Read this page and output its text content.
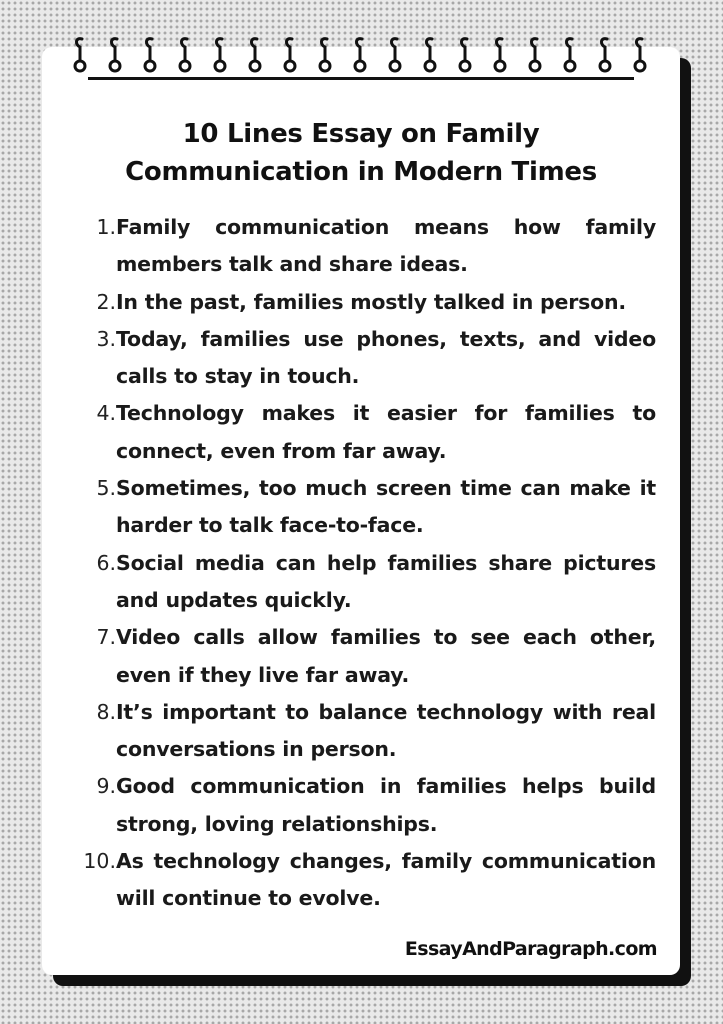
10 Lines Essay on Family
Communication in Modern Times
1. Family communication means how family members talk and share ideas.
2. In the past, families mostly talked in person.
3. Today, families use phones, texts, and video calls to stay in touch.
4. Technology makes it easier for families to connect, even from far away.
5. Sometimes, too much screen time can make it harder to talk face-to-face.
6. Social media can help families share pictures and updates quickly.
7. Video calls allow families to see each other, even if they live far away.
8. It’s important to balance technology with real conversations in person.
9. Good communication in families helps build strong, loving relationships.
10. As technology changes, family communication will continue to evolve.
EssayAndParagraph.com
